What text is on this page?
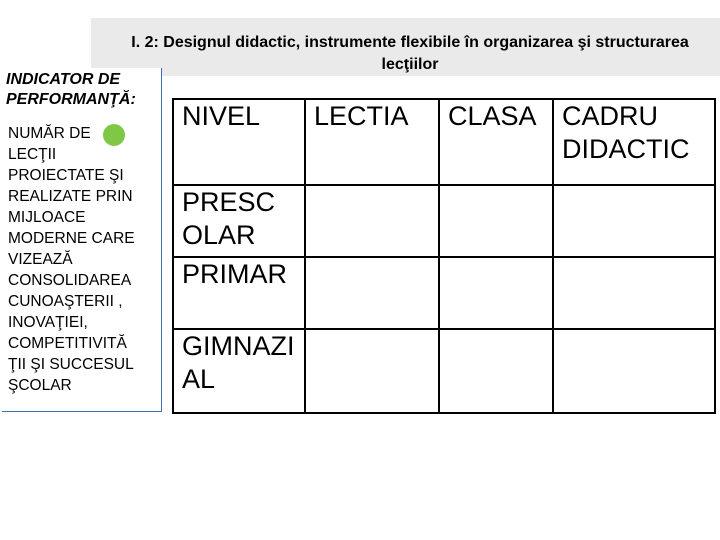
I. 2: Designul didactic, instrumente flexibile în organizarea şi structurarea lecţiilor
INDICATOR DE PERFORMANŢĂ:

NUMĂR DE
LECŢII
PROIECTATE ŞI
REALIZATE PRIN
MIJLOACE
MODERNE CARE
VIZEAZĂ
CONSOLIDAREA
CUNOAŞTERII ,
INOVAŢIEI,
COMPETITIVITĂ
ŢII ŞI SUCCESUL
ŞCOLAR

NIVEL	LECTIA	CLASA	CADRU DIDACTIC
PRESC OLAR			
PRIMAR			
GIMNAZI AL			
